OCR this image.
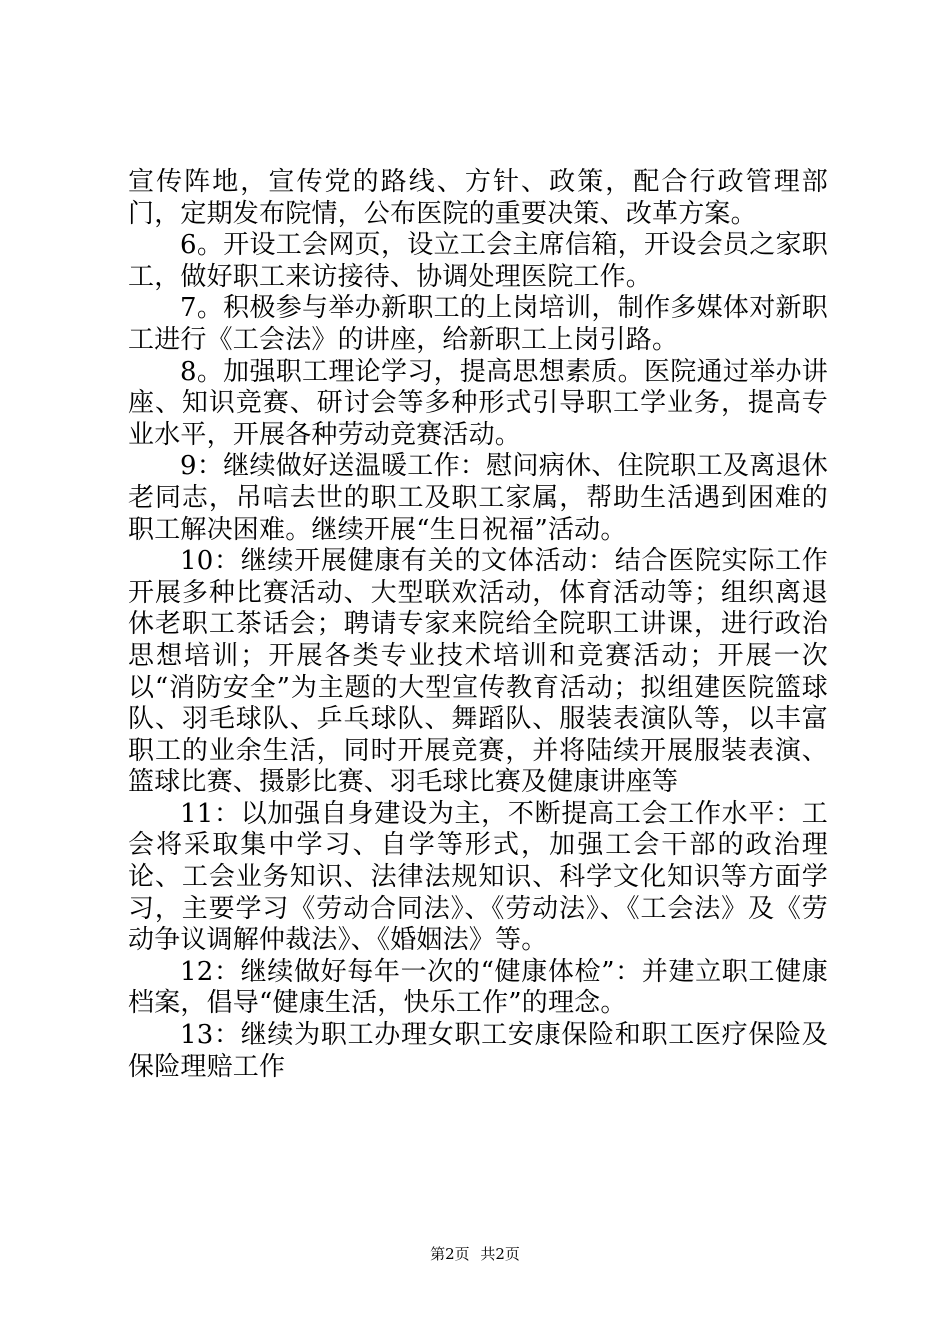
宣传阵地，宣传党的路线、方针、政策，配合行政管理部门，定期发布院情，公布医院的重要决策、改革方案。

6。开设工会网页，设立工会主席信箱，开设会员之家职工，做好职工来访接待、协调处理医院工作。

7。积极参与举办新职工的上岗培训，制作多媒体对新职工进行《工会法》的讲座，给新职工上岗引路。

8。加强职工理论学习，提高思想素质。医院通过举办讲座、知识竞赛、研讨会等多种形式引导职工学业务，提高专业水平，开展各种劳动竞赛活动。

9：继续做好送温暖工作：慰问病休、住院职工及离退休老同志，吊唁去世的职工及职工家属，帮助生活遇到困难的职工解决困难。继续开展“生日祝福”活动。

10：继续开展健康有关的文体活动：结合医院实际工作开展多种比赛活动、大型联欢活动，体育活动等；组织离退休老职工茶话会；聘请专家来院给全院职工讲课，进行政治思想培训；开展各类专业技术培训和竞赛活动；开展一次以“消防安全”为主题的大型宣传教育活动；拟组建医院篮球队、羽毛球队、乒乓球队、舞蹈队、服装表演队等，以丰富职工的业余生活，同时开展竞赛，并将陆续开展服装表演、篮球比赛、摄影比赛、羽毛球比赛及健康讲座等

11：以加强自身建设为主，不断提高工会工作水平：工会将采取集中学习、自学等形式，加强工会干部的政治理论、工会业务知识、法律法规知识、科学文化知识等方面学习，主要学习《劳动合同法》、《劳动法》、《工会法》及《劳动争议调解仲裁法》、《婚姻法》等。

12：继续做好每年一次的“健康体检”：并建立职工健康档案，倡导“健康生活，快乐工作”的理念。

13：继续为职工办理女职工安康保险和职工医疗保险及保险理赔工作

第2页 共2页
